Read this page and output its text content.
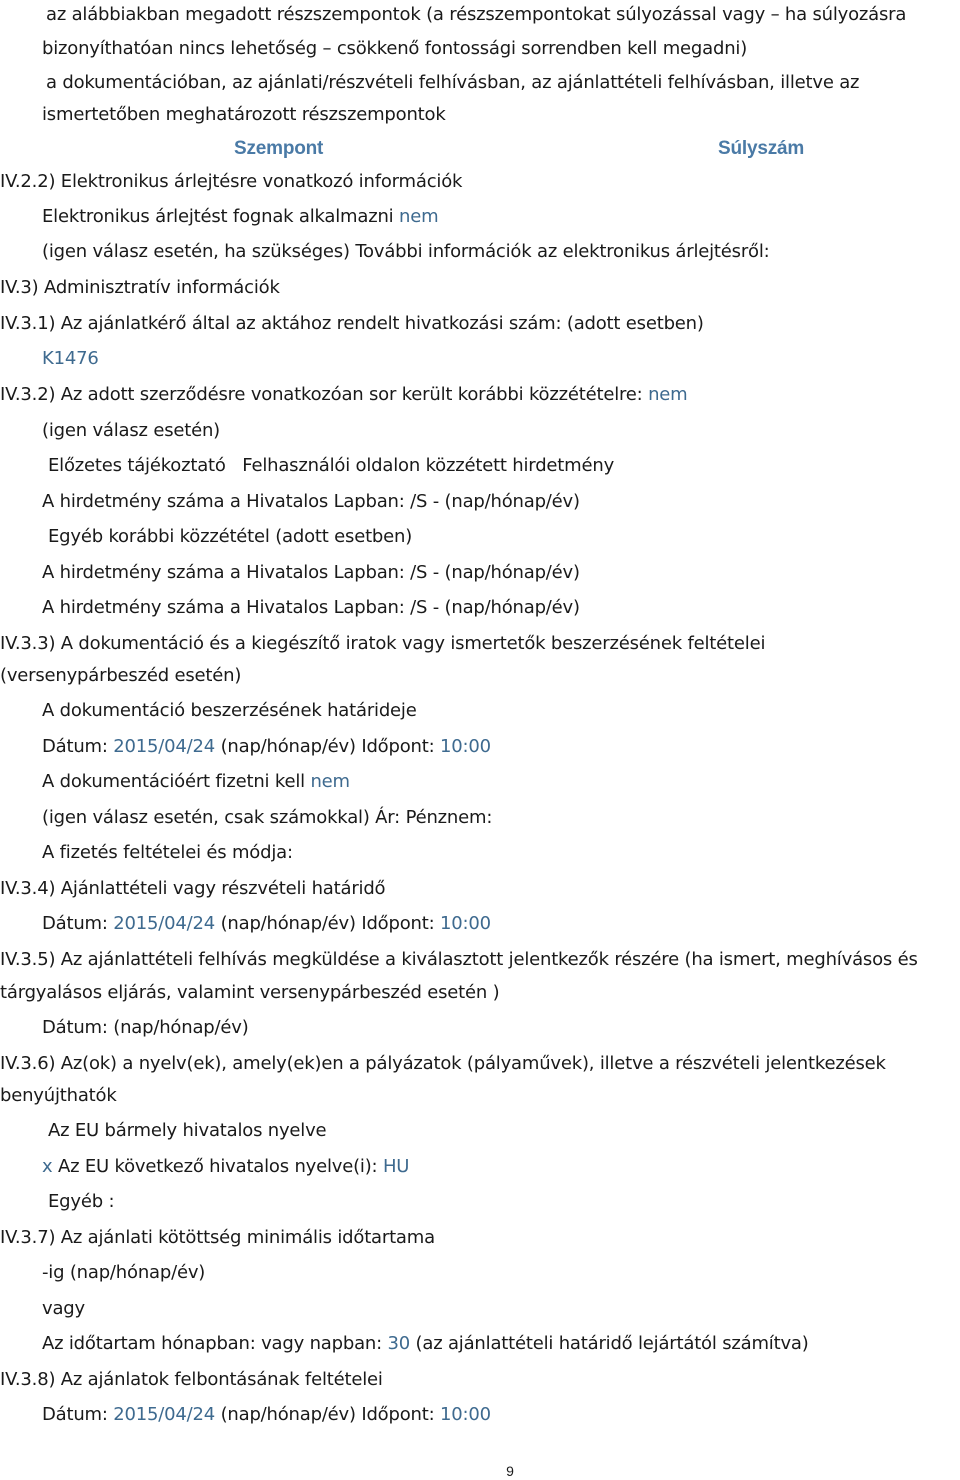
az alábbiakban megadott részszempontok (a részszempontokat súlyozással vagy – ha súlyozásra
bizonyíthatóan nincs lehetőség – csökkenő fontossági sorrendben kell megadni)
a dokumentációban, az ajánlati/részvételi felhívásban, az ajánlattételi felhívásban, illetve az
ismertetőben meghatározott részszempontok
Szempont	Súlyszám
IV.2.2) Elektronikus árlejtésre vonatkozó információk
Elektronikus árlejtést fognak alkalmazni nem
(igen válasz esetén, ha szükséges) További információk az elektronikus árlejtésről:
IV.3) Adminisztratív információk
IV.3.1) Az ajánlatkérő által az aktához rendelt hivatkozási szám: (adott esetben)
K1476
IV.3.2) Az adott szerződésre vonatkozóan sor került korábbi közzétételre: nem
(igen válasz esetén)
Előzetes tájékoztató   Felhasználói oldalon közzétett hirdetmény
A hirdetmény száma a Hivatalos Lapban: /S - (nap/hónap/év)
Egyéb korábbi közzététel (adott esetben)
A hirdetmény száma a Hivatalos Lapban: /S - (nap/hónap/év)
A hirdetmény száma a Hivatalos Lapban: /S - (nap/hónap/év)
IV.3.3) A dokumentáció és a kiegészítő iratok vagy ismertetők beszerzésének feltételei
(versenypárbeszéd esetén)
A dokumentáció beszerzésének határideje
Dátum: 2015/04/24 (nap/hónap/év) Időpont: 10:00
A dokumentációért fizetni kell nem
(igen válasz esetén, csak számokkal) Ár: Pénznem:
A fizetés feltételei és módja:
IV.3.4) Ajánlattételi vagy részvételi határidő
Dátum: 2015/04/24 (nap/hónap/év) Időpont: 10:00
IV.3.5) Az ajánlattételi felhívás megküldése a kiválasztott jelentkezők részére (ha ismert, meghívásos és
tárgyalásos eljárás, valamint versenypárbeszéd esetén )
Dátum: (nap/hónap/év)
IV.3.6) Az(ok) a nyelv(ek), amely(ek)en a pályázatok (pályaművek), illetve a részvételi jelentkezések
benyújthatók
Az EU bármely hivatalos nyelve
x Az EU következő hivatalos nyelve(i): HU
Egyéb :
IV.3.7) Az ajánlati kötöttség minimális időtartama
-ig (nap/hónap/év)
vagy
Az időtartam hónapban: vagy napban: 30 (az ajánlattételi határidő lejártától számítva)
IV.3.8) Az ajánlatok felbontásának feltételei
Dátum: 2015/04/24 (nap/hónap/év) Időpont: 10:00
9
